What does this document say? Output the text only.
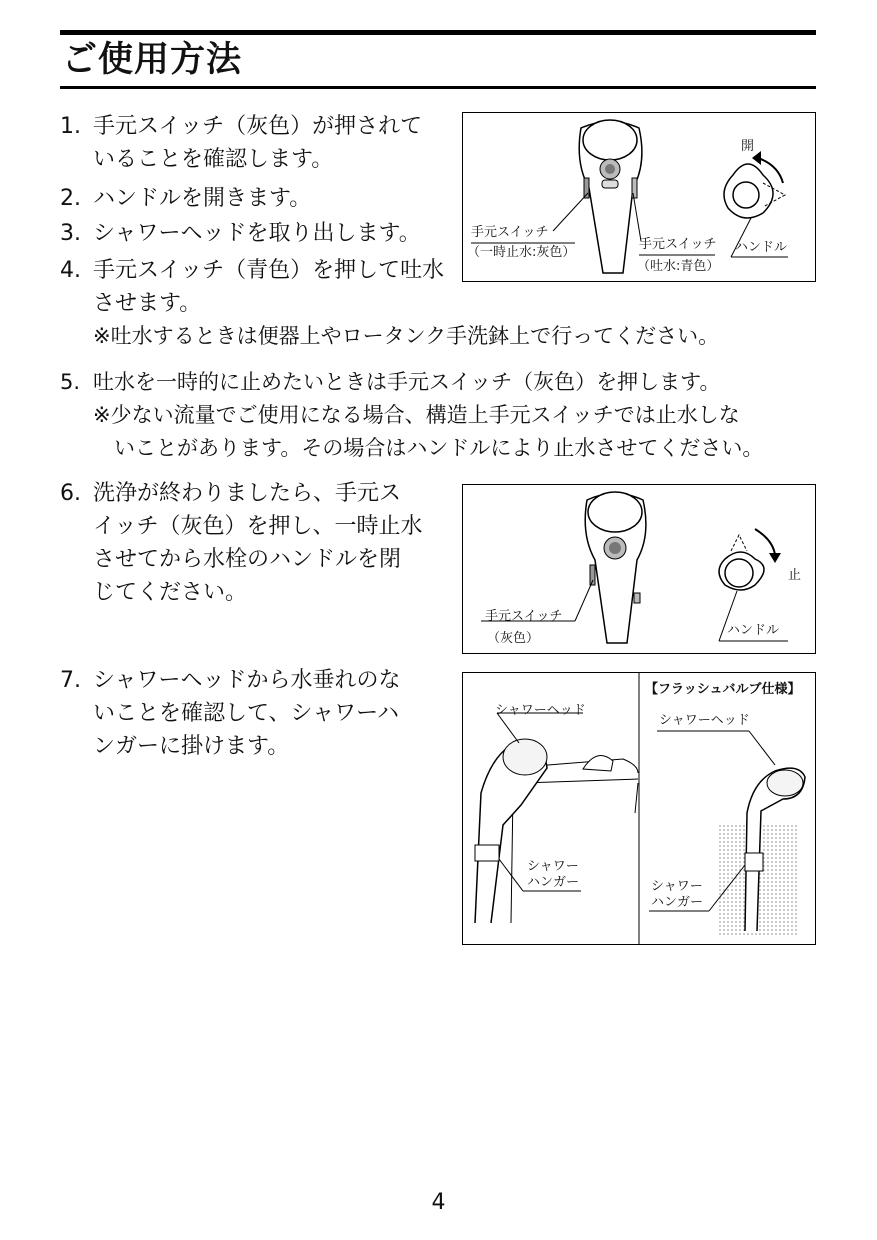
ご使用方法
1. 手元スイッチ（灰色）が押されて
いることを確認します。
2. ハンドルを開きます。
3. シャワーヘッドを取り出します。
4. 手元スイッチ（青色）を押して吐水
させます。
※吐水するときは便器上やロータンク手洗鉢上で行ってください。
5. 吐水を一時的に止めたいときは手元スイッチ（灰色）を押します。
※少ない流量でご使用になる場合、構造上手元スイッチでは止水しな
いことがあります。その場合はハンドルにより止水させてください。
6. 洗浄が終わりましたら、手元ス
イッチ（灰色）を押し、一時止水
させてから水栓のハンドルを閉
じてください。
7. シャワーヘッドから水垂れのな
いことを確認して、シャワーハ
ンガーに掛けます。
手元スイッチ
（一時止水:灰色）
手元スイッチ
（吐水:青色）
ハンドル
開
手元スイッチ
（灰色）
ハンドル
止
シャワーヘッド
シャワー
ハンガー
【フラッシュバルブ仕様】
シャワーヘッド
シャワー
ハンガー
4
